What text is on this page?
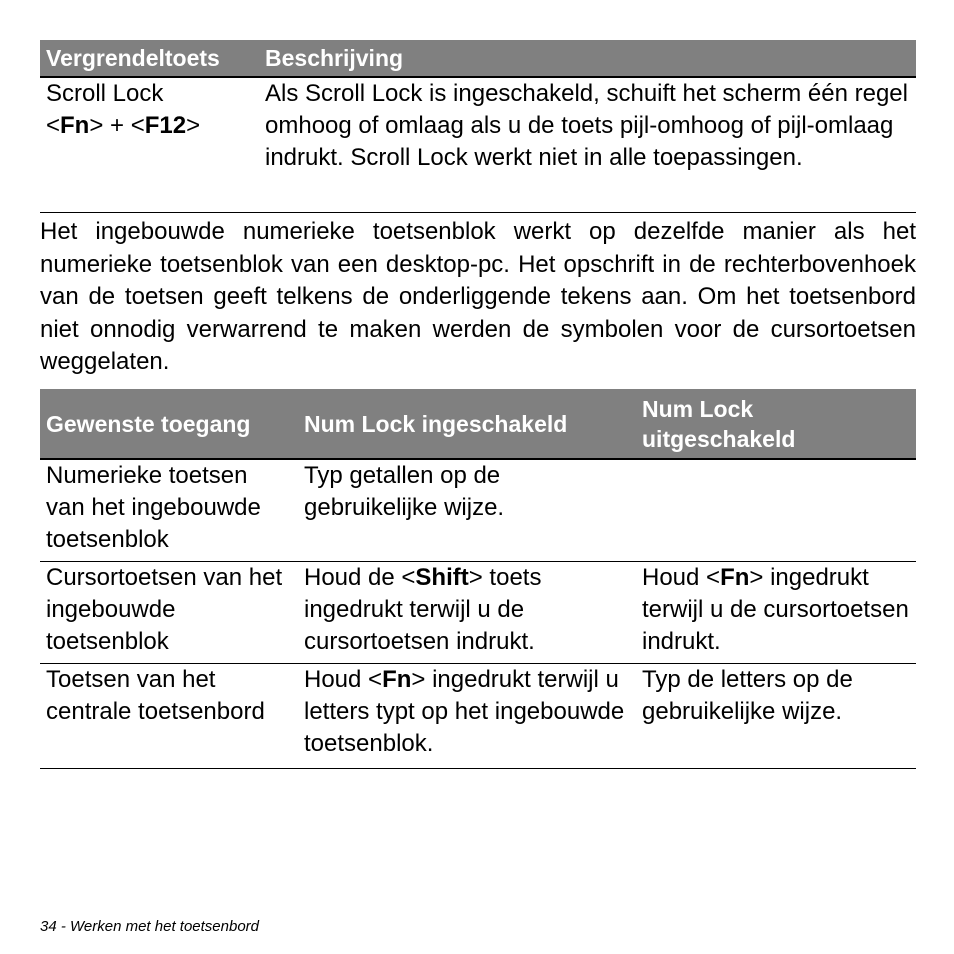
Vergrendeltoets	Beschrijving
Scroll Lock
<Fn> + <F12>	Als Scroll Lock is ingeschakeld, schuift het scherm één regel omhoog of omlaag als u de toets pijl-omhoog of pijl-omlaag indrukt. Scroll Lock werkt niet in alle toepassingen.

Het ingebouwde numerieke toetsenblok werkt op dezelfde manier als het numerieke toetsenblok van een desktop-pc. Het opschrift in de rechterbovenhoek van de toetsen geeft telkens de onderliggende tekens aan. Om het toetsenbord niet onnodig verwarrend te maken werden de symbolen voor de cursortoetsen weggelaten.

Gewenste toegang	Num Lock ingeschakeld	Num Lock uitgeschakeld
Numerieke toetsen van het ingebouwde toetsenblok	Typ getallen op de gebruikelijke wijze.	
Cursortoetsen van het ingebouwde toetsenblok	Houd de <Shift> toets ingedrukt terwijl u de cursortoetsen indrukt.	Houd <Fn> ingedrukt terwijl u de cursortoetsen indrukt.
Toetsen van het centrale toetsenbord	Houd <Fn> ingedrukt terwijl u letters typt op het ingebouwde toetsenblok.	Typ de letters op de gebruikelijke wijze.
34 - Werken met het toetsenbord
